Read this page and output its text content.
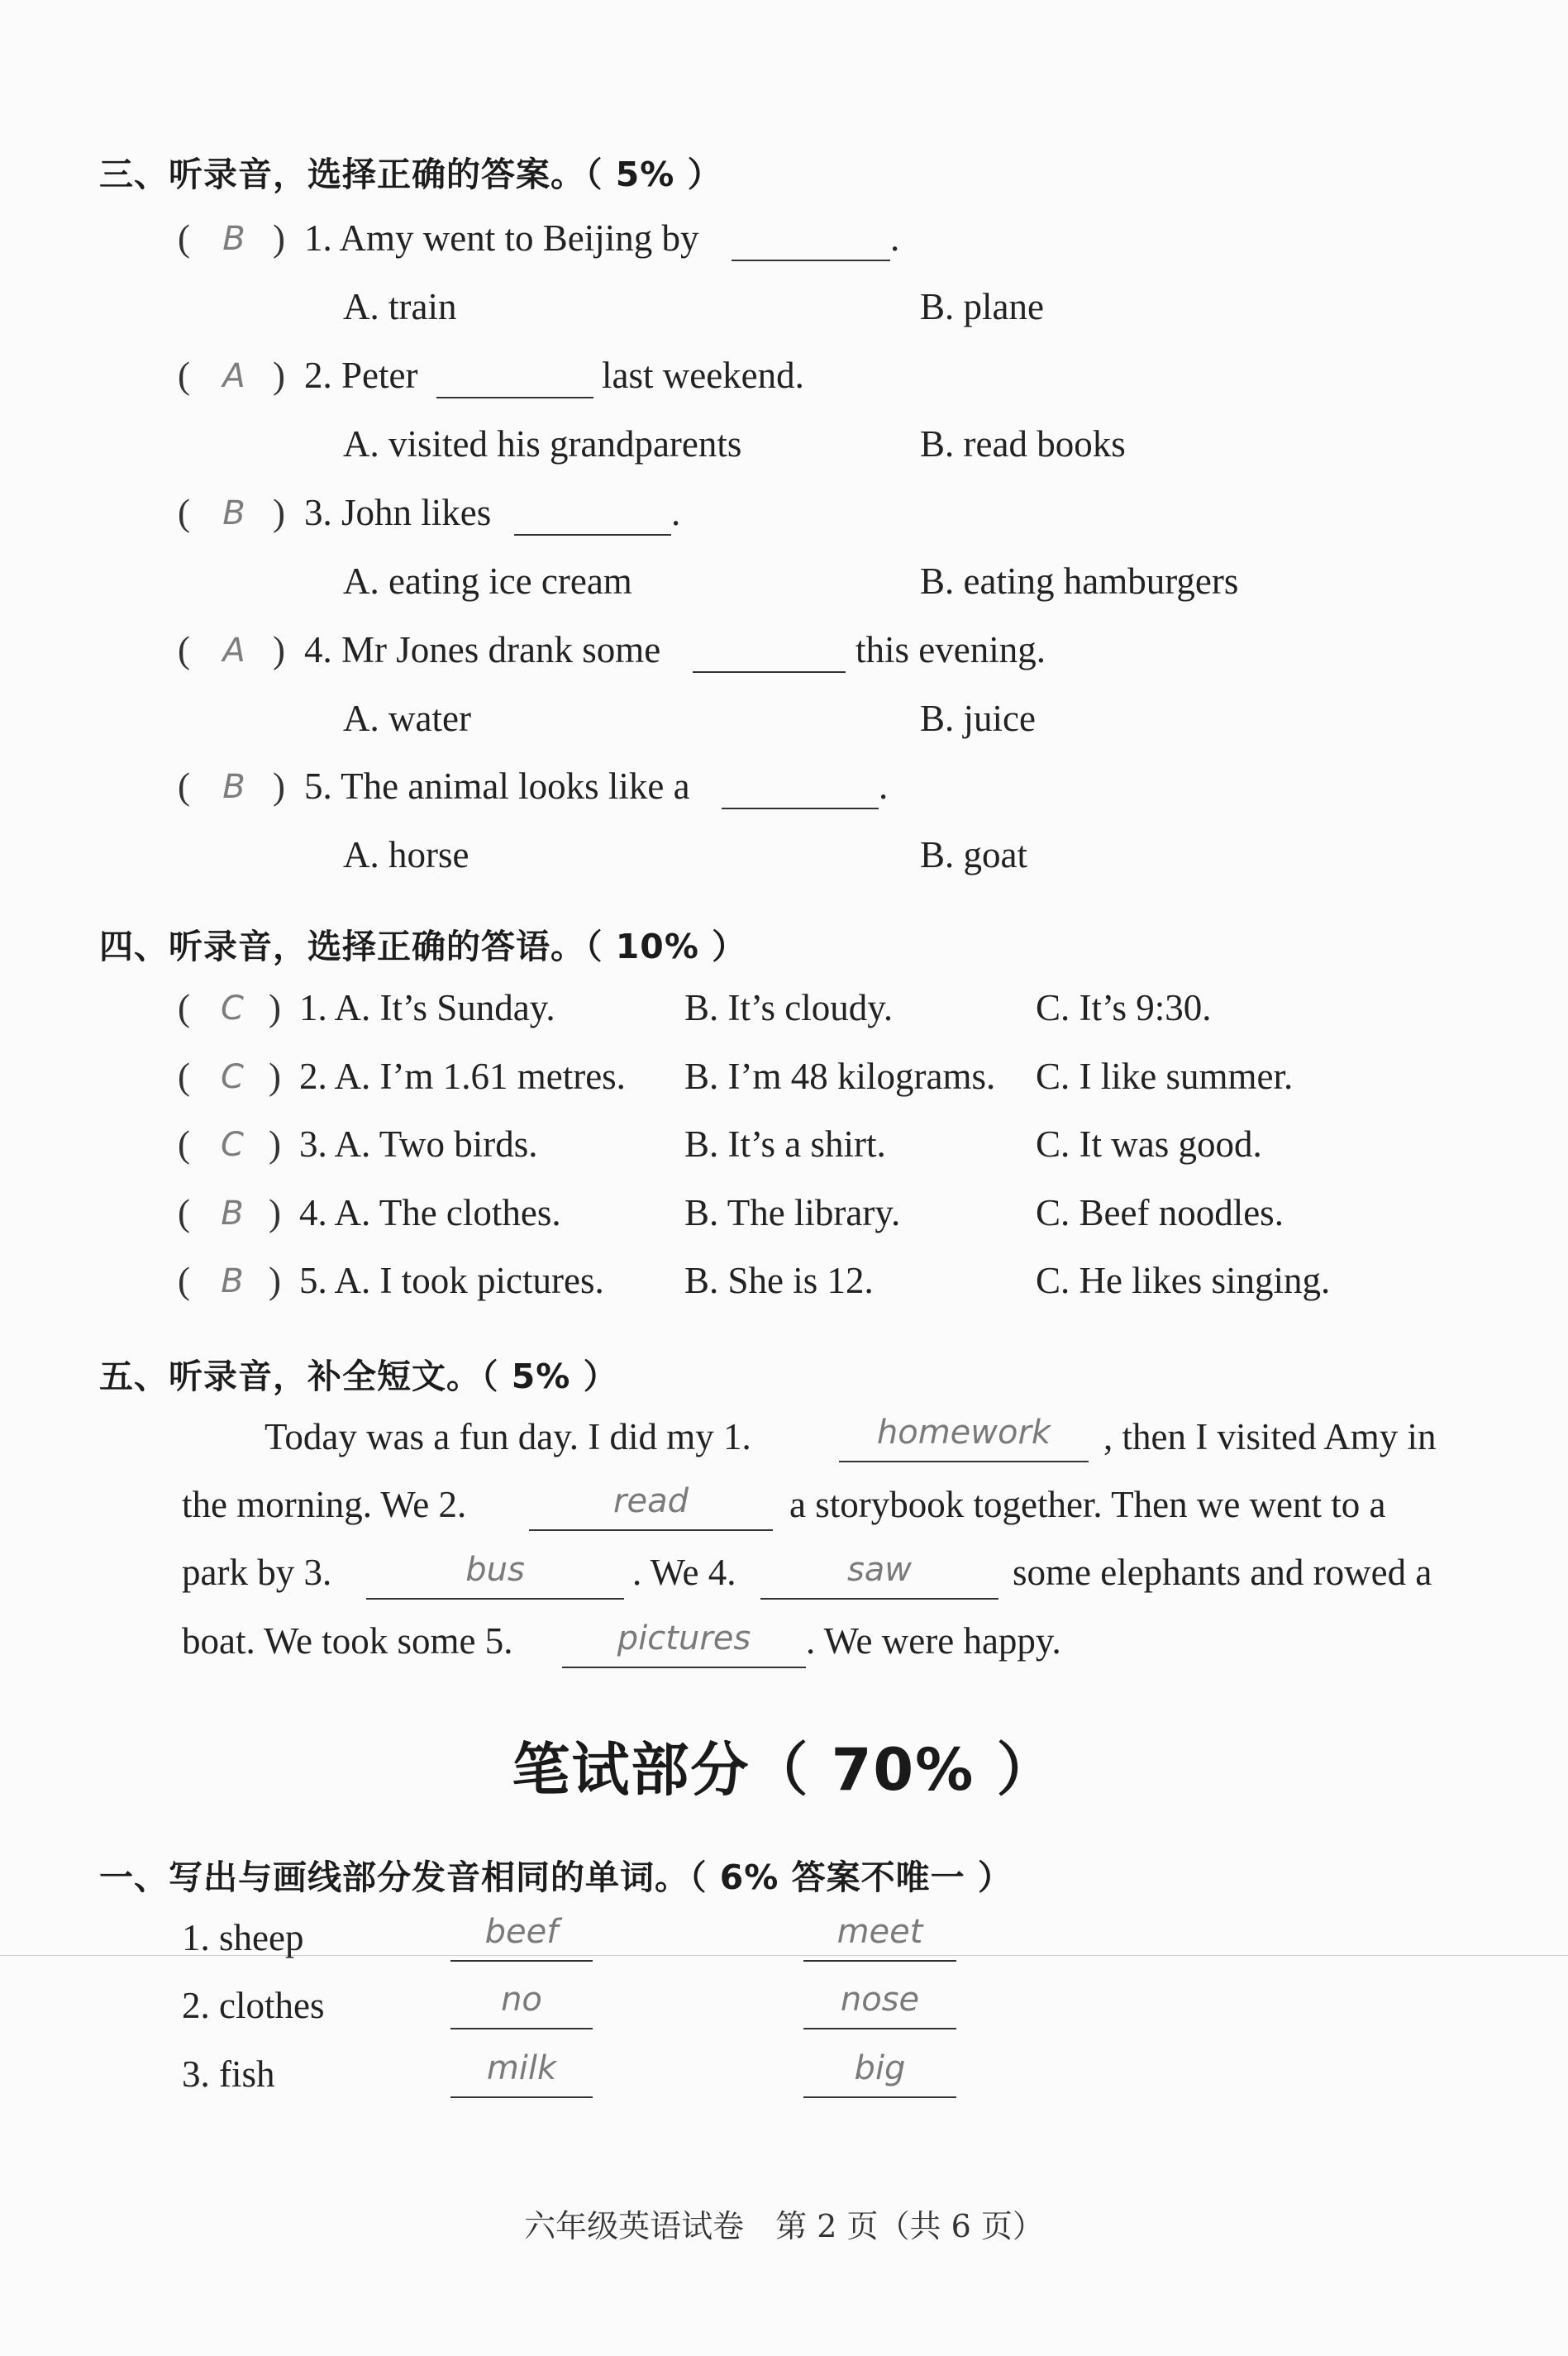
三、听录音，选择正确的答案。（ 5% ）
( B ) 1. Amy went to Beijing by	.
A. train	B. plane
( A ) 2. Peter	last weekend.
A. visited his grandparents	B. read books
( B ) 3. John likes	.
A. eating ice cream	B. eating hamburgers
( A ) 4. Mr Jones drank some	this evening.
A. water	B. juice
( B ) 5. The animal looks like a	.
A. horse	B. goat
四、听录音，选择正确的答语。（ 10% ）
( C ) 1. A. It’s Sunday.	B. It’s cloudy.	C. It’s 9:30.
( C ) 2. A. I’m 1.61 metres. B. I’m 48 kilograms. C. I like summer.
( C ) 3. A. Two birds.	B. It’s a shirt.	C. It was good.
( B ) 4. A. The clothes.	B. The library.	C. Beef noodles.
( B ) 5. A. I took pictures. B. She is 12.	C. He likes singing.
五、听录音，补全短文。（ 5% ）
Today was a fun day. I did my 1.	homework	, then I visited Amy in
the morning. We 2.	read	a storybook together. Then we went to a
park by 3.	bus	. We 4.	saw	some elephants and rowed a
boat. We took some 5.	pictures	. We were happy.
笔试部分（ 70% ）
一、写出与画线部分发音相同的单词。（ 6% 答案不唯一 ）
1. sheep	beef	meet
2. clothes	no	nose
3. fish	milk	big
六年级英语试卷　第 2 页（共 6 页）
